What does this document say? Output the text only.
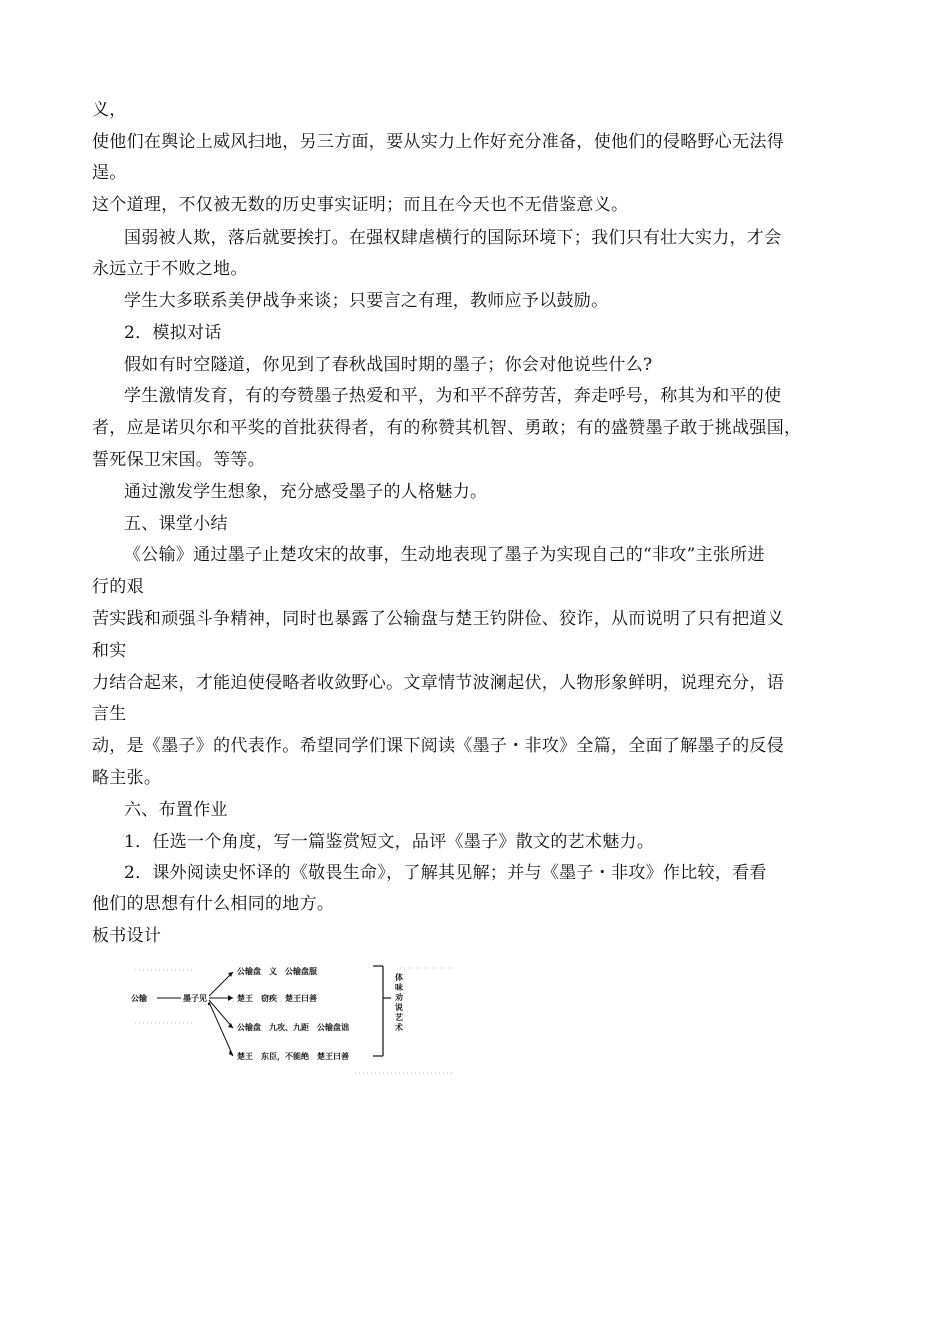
义，
使他们在舆论上威风扫地，另三方面，要从实力上作好充分准备，使他们的侵略野心无法得
逞。
这个道理，不仅被无数的历史事实证明；而且在今天也不无借鉴意义。
国弱被人欺，落后就要挨打。在强权肆虐横行的国际环境下；我们只有壮大实力，才会
永远立于不败之地。
学生大多联系美伊战争来谈；只要言之有理，教师应予以鼓励。
2．模拟对话
假如有时空隧道，你见到了春秋战国时期的墨子；你会对他说些什么?
学生激情发育，有的夸赞墨子热爱和平，为和平不辞劳苦，奔走呼号，称其为和平的使
者，应是诺贝尔和平奖的首批获得者，有的称赞其机智、勇敢；有的盛赞墨子敢于挑战强国，
誓死保卫宋国。等等。
通过激发学生想象，充分感受墨子的人格魅力。
五、课堂小结
《公输》通过墨子止楚攻宋的故事，生动地表现了墨子为实现自己的“非攻”主张所进
行的艰
苦实践和顽强斗争精神，同时也暴露了公输盘与楚王钓阱俭、狡诈，从而说明了只有把道义
和实
力结合起来，才能迫使侵略者收敛野心。文章情节波澜起伏，人物形象鲜明，说理充分，语
言生
动，是《墨子》的代表作。希望同学们课下阅读《墨子・非攻》全篇，全面了解墨子的反侵
略主张。
六、布置作业
1．任选一个角度，写一篇鉴赏短文，品评《墨子》散文的艺术魅力。
2．课外阅读史怀译的《敬畏生命》，了解其见解；并与《墨子・非攻》作比较，看看
他们的思想有什么相同的地方。
板书设计
公输	墨子见
公输盘　义　公输盘服
楚王　窃疾　楚王曰善
公输盘　九攻、九距　公输盘诎
楚王　东臣，不能绝　楚王曰善
体味劝说艺术
